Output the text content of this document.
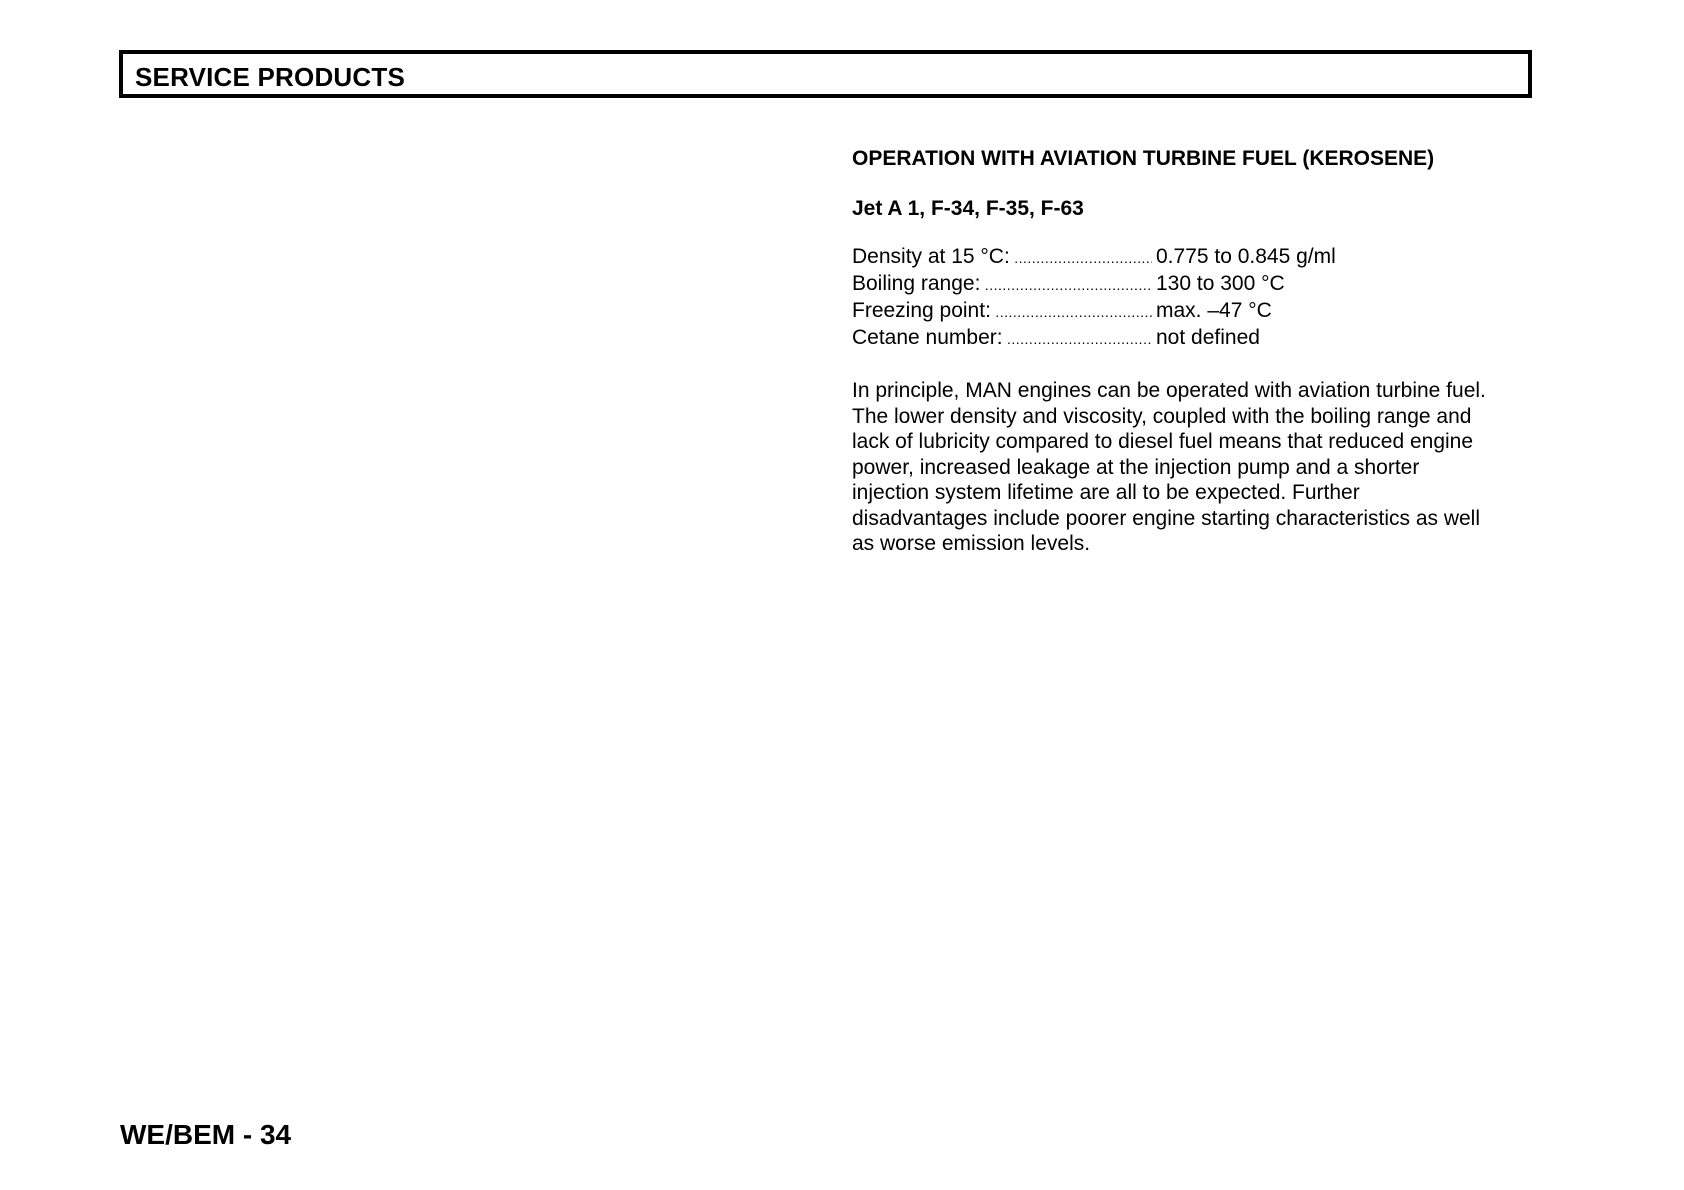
SERVICE PRODUCTS
OPERATION WITH AVIATION TURBINE FUEL (KEROSENE)
Jet A 1, F-34, F-35, F-63
Density at 15 °C: .....	0.775 to 0.845 g/ml
Boiling range: .....	130 to 300 °C
Freezing point: .....	max. –47 °C
Cetane number: .....	not defined

In principle, MAN engines can be operated with aviation turbine fuel. The lower density and viscosity, coupled with the boiling range and lack of lubricity compared to diesel fuel means that reduced engine power, increased leakage at the injection pump and a shorter injection system lifetime are all to be expected. Further disadvantages include poorer engine starting characteristics as well as worse emission levels.

WE/BEM - 34
